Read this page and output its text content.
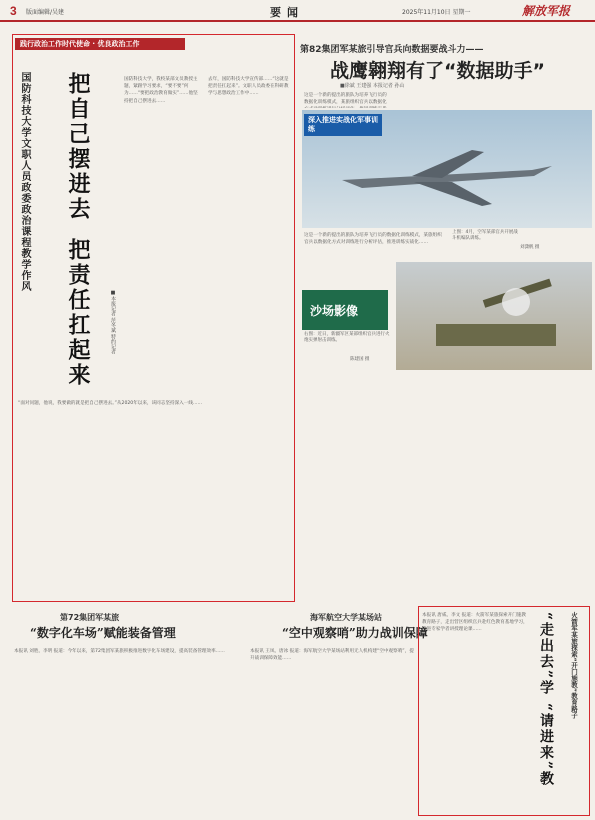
3 版面编辑/吴建	要闻	2025年11月10日 星期一	解放军报
践行政治工作时代使命 · 优良政治工作
国防科技大学文职人员政委政治课程教学作风 把自己摆进去
把责任扛起来	■本报记者 范冬斌 特约记者
国防科技大学，我校某部文员教授主题，紧跟学习要求，“要不要”何为……“要把政治教育做实”……他坚持把自己摆进去……
去年，国防科技大学宣传部……“这就是把责任扛起来”。文职人员政委在科研教学与思想政治工作中……
“面对问题，他说，我要做的就是把自己摆进去。”从2020年以来，该同志坚持深入一线……
第82集团军某旅引导官兵向数据要战斗力——
战鹰翱翔有了“数据助手”
■徐斌 王建强 本报记者 孙山
深入推进实战化军事训练
上图：4月，空军某部官兵开展战斗机编队训练。
刘潇帆 摄
这是一个新的提出的旅队为培养飞行员的数据化训练模式，某旅组织官兵以数据化
这是一个新的提出的旅队为培养飞行员的数据化训练模式，某旅组织官兵以数据化方式对训练进行分析评估，推进训练实战化……
沙场影像
右图：近日，新疆军区某部组织官兵进行火炮实弹射击训练。
陈建国 摄
第72集团军某旅
“数字化车场”赋能装备管理
本报讯 刘胜、李明 报道：今年以来，第72集团军某旅积极推进数字化车场建设，提高装备管理效率……
海军航空大学某场站
“空中观察哨”助力战训保障
本报讯 王凤、唐冰 报道：海军航空大学某场站利用无人机构建“空中观察哨”，提升战训保障效能……	火箭军某旅探索“开门施教”教育路子
“走出去”学 “请进来”教
本报讯 唐威、李文 报道：火箭军某旅探索开门施教教育路子，走出营区组织官兵赴红色教育基地学习，请进专家学者讲授理论课……
